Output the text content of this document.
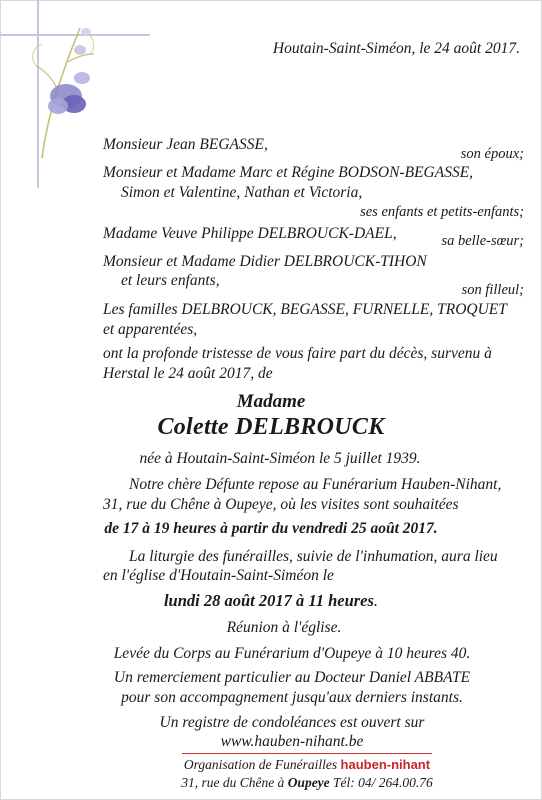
Houtain-Saint-Siméon, le 24 août 2017.
Monsieur Jean BEGASSE,
son époux;
Monsieur et Madame Marc et Régine BODSON-BEGASSE,
Simon et Valentine, Nathan et Victoria,
ses enfants et petits-enfants;
Madame Veuve Philippe DELBROUCK-DAEL,	sa belle-sœur;
Monsieur et Madame Didier DELBROUCK-TIHON
et leurs enfants,
son filleul;
Les familles DELBROUCK, BEGASSE, FURNELLE, TROQUET
et apparentées,
ont la profonde tristesse de vous faire part du décès, survenu à
Herstal le 24 août 2017, de
Madame
Colette DELBROUCK
née à Houtain-Saint-Siméon le 5 juillet 1939.
Notre chère Défunte repose au Funérarium Hauben-Nihant,
31, rue du Chêne à Oupeye, où les visites sont souhaitées
de 17 à 19 heures à partir du vendredi 25 août 2017.
La liturgie des funérailles, suivie de l'inhumation, aura lieu
en l'église d'Houtain-Saint-Siméon le
lundi 28 août 2017 à 11 heures.
Réunion à l'église.
Levée du Corps au Funérarium d'Oupeye à 10 heures 40.
Un remerciement particulier au Docteur Daniel ABBATE
pour son accompagnement jusqu'aux derniers instants.
Un registre de condoléances est ouvert sur
www.hauben-nihant.be
Organisation de Funérailles hauben-nihant
31, rue du Chêne à Oupeye Tél: 04/ 264.00.76
